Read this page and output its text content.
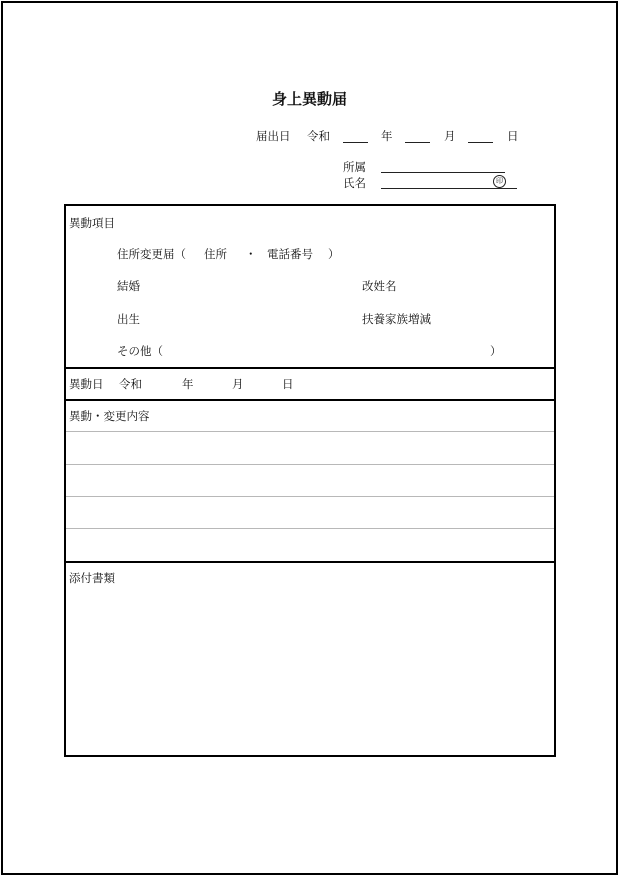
身上異動届
届出日 令和	年	月	日
所属
氏名	印
異動項目
住所変更届（ 住所 ・ 電話番号 ）
結婚	改姓名
出生	扶養家族増減
その他（	）
異動日 令和	年	月	日
異動・変更内容
添付書類
